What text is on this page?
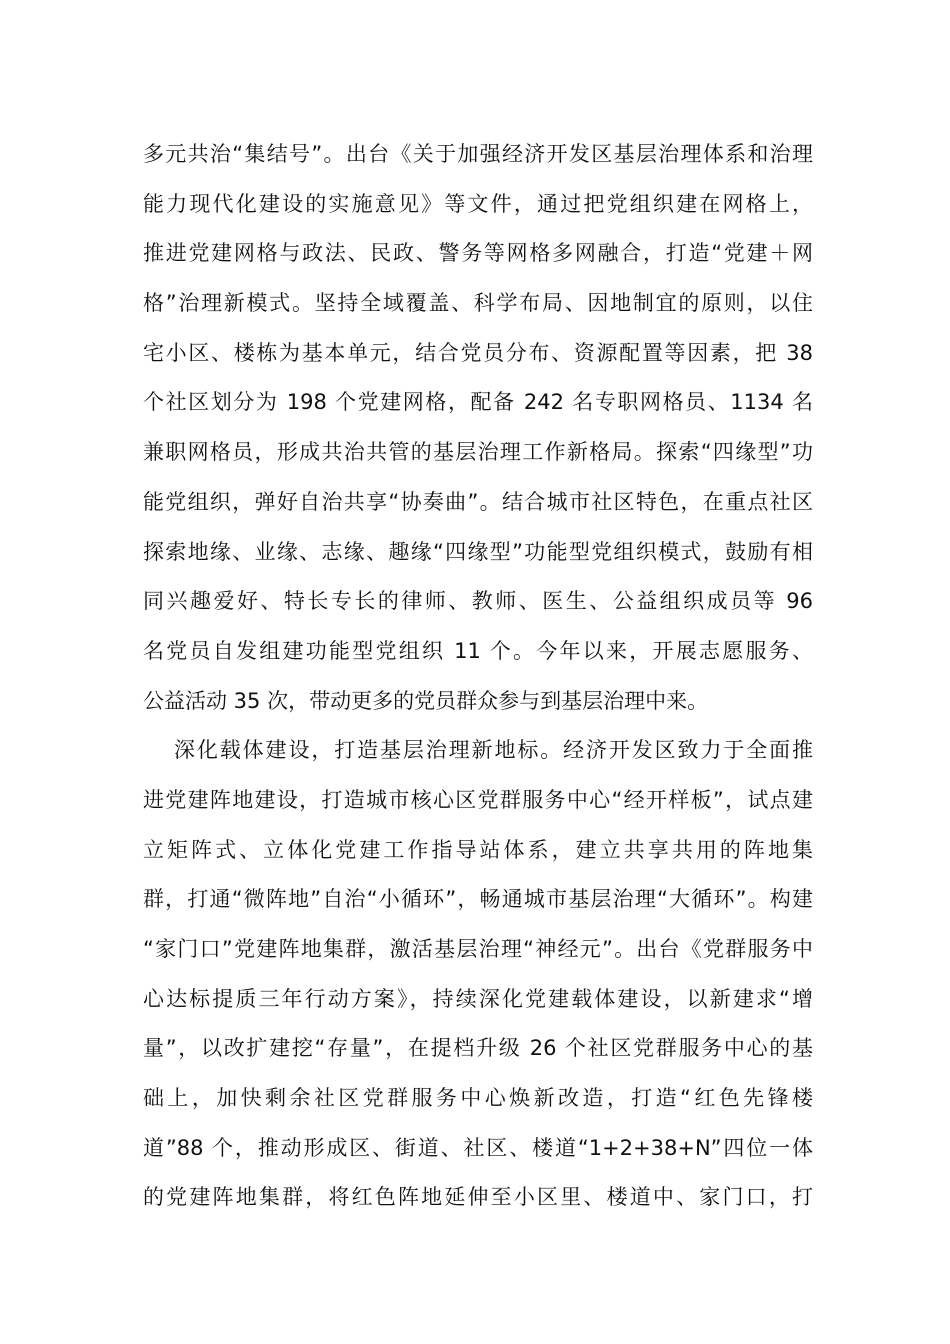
多元共治“集结号”。出台《关于加强经济开发区基层治理体系和治理
能力现代化建设的实施意见》等文件，通过把党组织建在网格上，
推进党建网格与政法、民政、警务等网格多网融合，打造“党建＋网
格”治理新模式。坚持全域覆盖、科学布局、因地制宜的原则，以住
宅小区、楼栋为基本单元，结合党员分布、资源配置等因素，把 38
个社区划分为 198 个党建网格，配备 242 名专职网格员、1134 名
兼职网格员，形成共治共管的基层治理工作新格局。探索“四缘型”功
能党组织，弹好自治共享“协奏曲”。结合城市社区特色，在重点社区
探索地缘、业缘、志缘、趣缘“四缘型”功能型党组织模式，鼓励有相
同兴趣爱好、特长专长的律师、教师、医生、公益组织成员等 96
名党员自发组建功能型党组织 11 个。今年以来，开展志愿服务、
公益活动 35 次，带动更多的党员群众参与到基层治理中来。
深化载体建设，打造基层治理新地标。经济开发区致力于全面推
进党建阵地建设，打造城市核心区党群服务中心“经开样板”，试点建
立矩阵式、立体化党建工作指导站体系，建立共享共用的阵地集
群，打通“微阵地”自治“小循环”，畅通城市基层治理“大循环”。构建
“家门口”党建阵地集群，激活基层治理“神经元”。出台《党群服务中
心达标提质三年行动方案》，持续深化党建载体建设，以新建求“增
量”，以改扩建挖“存量”，在提档升级 26 个社区党群服务中心的基
础上，加快剩余社区党群服务中心焕新改造，打造“红色先锋楼
道”88 个，推动形成区、街道、社区、楼道“1+2+38+N”四位一体
的党建阵地集群，将红色阵地延伸至小区里、楼道中、家门口，打
